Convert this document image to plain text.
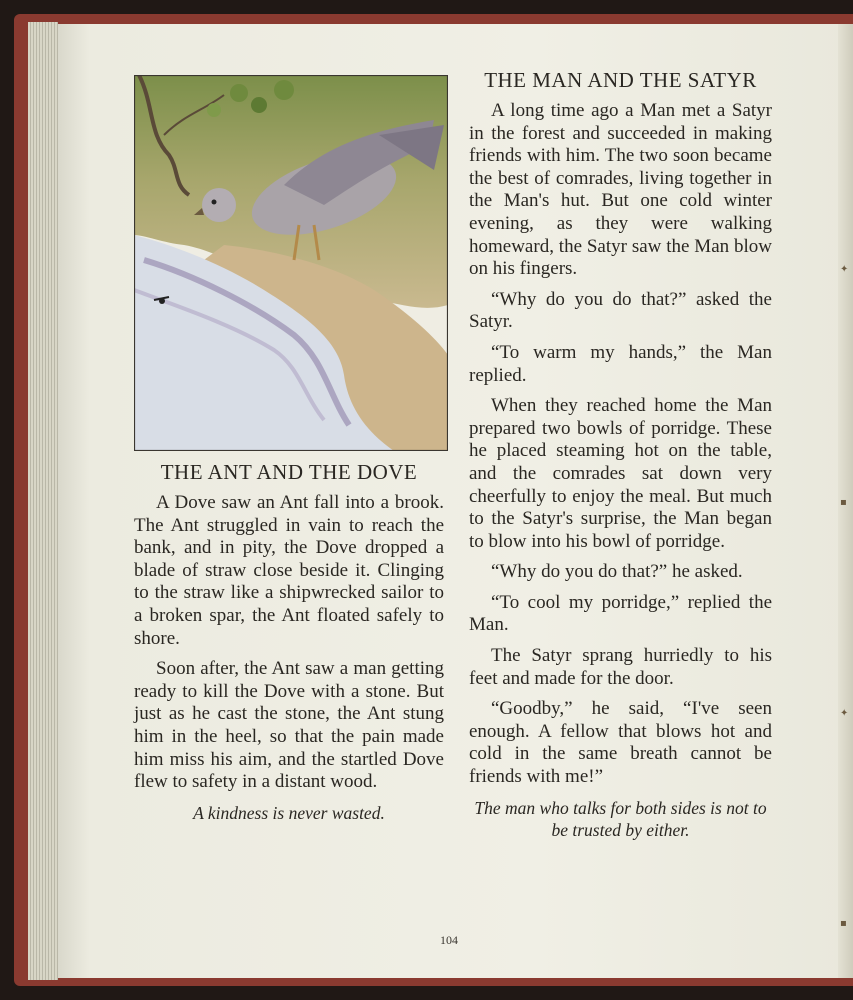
✦
▪
✦
▪
THE ANT AND THE DOVE

A Dove saw an Ant fall into a brook. The Ant struggled in vain to reach the bank, and in pity, the Dove dropped a blade of straw close beside it. Clinging to the straw like a shipwrecked sailor to a broken spar, the Ant floated safely to shore.

Soon after, the Ant saw a man getting ready to kill the Dove with a stone. But just as he cast the stone, the Ant stung him in the heel, so that the pain made him miss his aim, and the startled Dove flew to safety in a distant wood.

A kindness is never wasted.

THE MAN AND THE SATYR

A long time ago a Man met a Satyr in the forest and succeeded in making friends with him. The two soon became the best of comrades, living together in the Man's hut. But one cold winter evening, as they were walking homeward, the Satyr saw the Man blow on his fingers.

“Why do you do that?” asked the Satyr.

“To warm my hands,” the Man replied.

When they reached home the Man prepared two bowls of porridge. These he placed steaming hot on the table, and the comrades sat down very cheerfully to enjoy the meal. But much to the Satyr's surprise, the Man began to blow into his bowl of porridge.

“Why do you do that?” he asked.

“To cool my porridge,” replied the Man.

The Satyr sprang hurriedly to his feet and made for the door.

“Goodby,” he said, “I've seen enough. A fellow that blows hot and cold in the same breath cannot be friends with me!”

The man who talks for both sides is not to be trusted by either.

104
